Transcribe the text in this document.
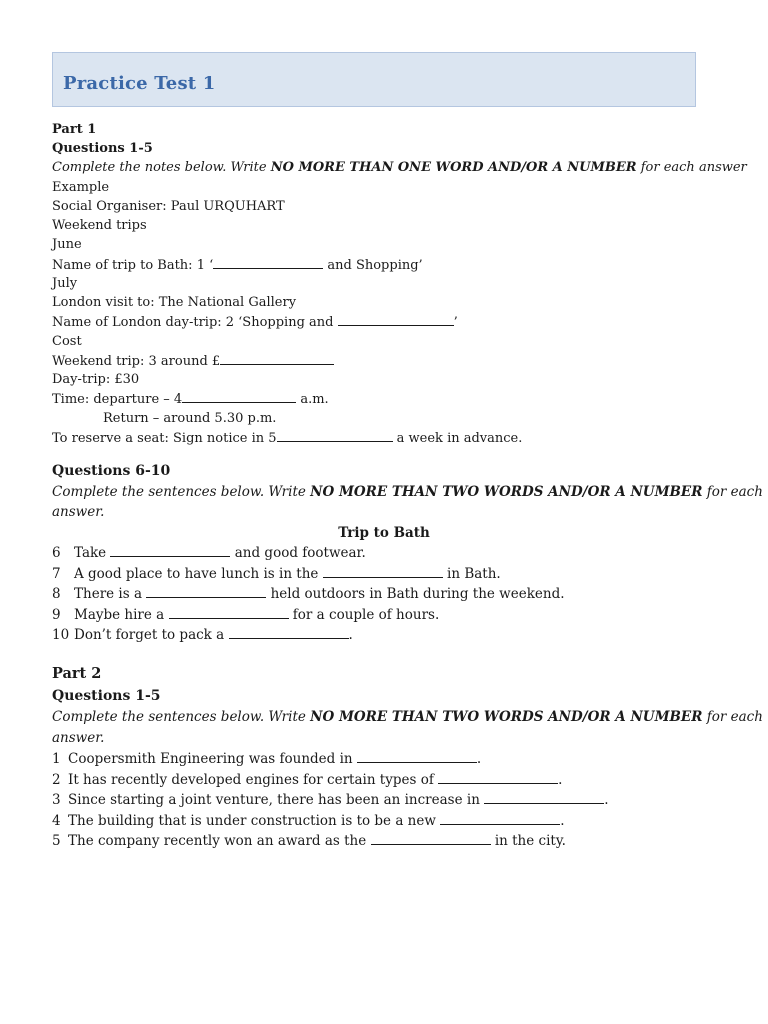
Practice Test 1
Part 1
Questions 1-5
Complete the notes below. Write NO MORE THAN ONE WORD AND/OR A NUMBER for each answer
Example
Social Organiser: Paul URQUHART
Weekend trips
June
Name of trip to Bath: 1 ‘	and Shopping’
July
London visit to: The National Gallery
Name of London day-trip: 2 ‘Shopping and	’
Cost
Weekend trip: 3 around £
Day-trip: £30
Time: departure – 4	a.m.
Return – around 5.30 p.m.
To reserve a seat: Sign notice in 5	a week in advance.
Questions 6-10
Complete the sentences below. Write NO MORE THAN TWO WORDS AND/OR A NUMBER for each
answer.
Trip to Bath
6 Take	and good footwear.
7 A good place to have lunch is in the	in Bath.
8 There is a	held outdoors in Bath during the weekend.
9 Maybe hire a	for a couple of hours.
10 Don’t forget to pack a	.
Part 2
Questions 1-5
Complete the sentences below. Write NO MORE THAN TWO WORDS AND/OR A NUMBER for each
answer.
1 Coopersmith Engineering was founded in	.
2 It has recently developed engines for certain types of	.
3 Since starting a joint venture, there has been an increase in	.
4 The building that is under construction is to be a new	.
5 The company recently won an award as the	in the city.
